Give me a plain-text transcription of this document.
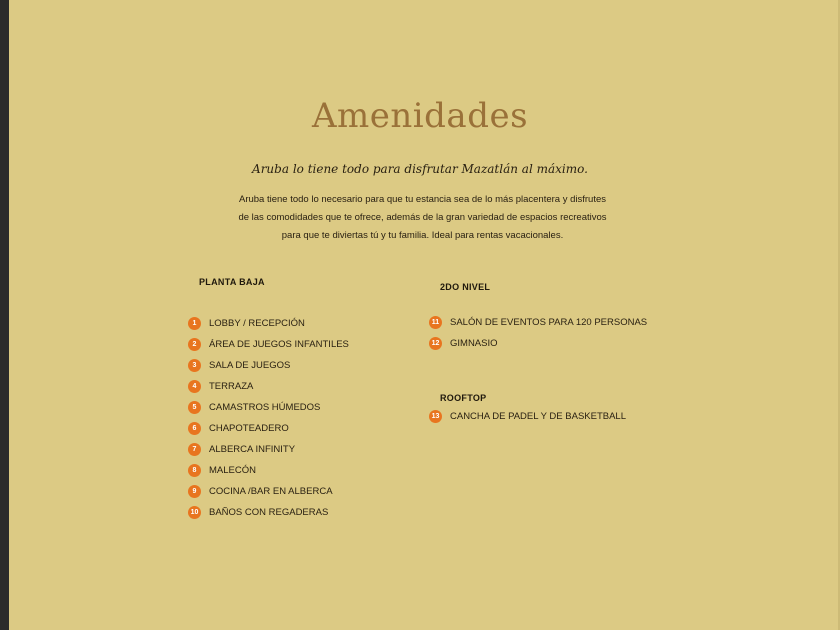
Amenidades
Aruba lo tiene todo para disfrutar Mazatlán al máximo.
Aruba tiene todo lo necesario para que tu estancia sea de lo más placentera y disfrutes
de las comodidades que te ofrece, además de la gran variedad de espacios recreativos
para que te diviertas tú y tu familia. Ideal para rentas vacacionales.
PLANTA BAJA
1	LOBBY / RECEPCIÓN
2	ÁREA DE JUEGOS INFANTILES
3	SALA DE JUEGOS
4	TERRAZA
5	CAMASTROS HÚMEDOS
6	CHAPOTEADERO
7	ALBERCA INFINITY
8	MALECÓN
9	COCINA /BAR EN ALBERCA
10 BAÑOS CON REGADERAS
2DO NIVEL
11 SALÓN DE EVENTOS PARA 120 PERSONAS
12 GIMNASIO
ROOFTOP
13 CANCHA DE PADEL Y DE BASKETBALL
